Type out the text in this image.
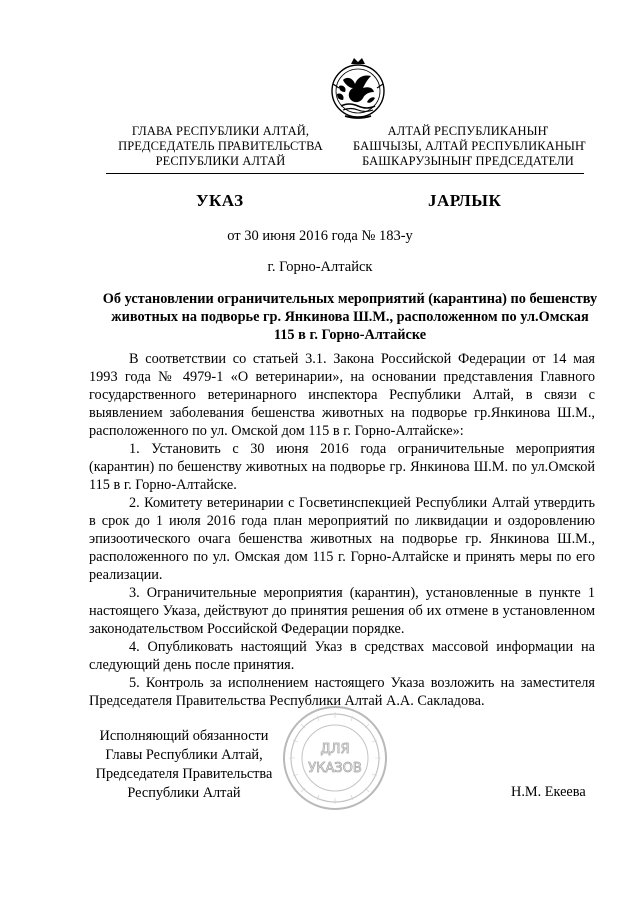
ГЛАВА РЕСПУБЛИКИ АЛТАЙ,
ПРЕДСЕДАТЕЛЬ ПРАВИТЕЛЬСТВА
РЕСПУБЛИКИ АЛТАЙ
АЛТАЙ РЕСПУБЛИКАНЫҤ
БАШЧЫЗЫ, АЛТАЙ РЕСПУБЛИКАНЫҤ
БАШКАРУЗЫНЫҤ ПРЕДСЕДАТЕЛИ
УКАЗ	JАРЛЫК
от 30 июня 2016 года № 183-у
г. Горно-Алтайск
Об установлении ограничительных мероприятий (карантина) по бешенству животных на подворье гр. Янкинова Ш.М., расположенном по ул.Омская 115 в г. Горно-Алтайске

В соответствии со статьей 3.1. Закона Российской Федерации от 14 мая 1993 года № 4979-1 «О ветеринарии», на основании представления Главного государственного ветеринарного инспектора Республики Алтай, в связи с выявлением заболевания бешенства животных на подворье гр.Янкинова Ш.М., расположенного по ул. Омской дом 115 в г. Горно-Алтайске»:

1. Установить с 30 июня 2016 года ограничительные мероприятия (карантин) по бешенству животных на подворье гр. Янкинова Ш.М. по ул.Омской 115 в г. Горно-Алтайске.

2. Комитету ветеринарии с Госветинспекцией Республики Алтай утвердить в срок до 1 июля 2016 года план мероприятий по ликвидации и оздоровлению эпизоотического очага бешенства животных на подворье гр. Янкинова Ш.М., расположенного по ул. Омская дом 115 г. Горно-Алтайске и принять меры по его реализации.

3. Ограничительные мероприятия (карантин), установленные в пункте 1 настоящего Указа, действуют до принятия решения об их отмене в установленном законодательством Российской Федерации порядке.

4. Опубликовать настоящий Указ в средствах массовой информации на следующий день после принятия.

5. Контроль за исполнением настоящего Указа возложить на заместителя Председателя Правительства Республики Алтай А.А. Сакладова.

ДЛЯ
УКАЗОВ
Исполняющий обязанности
Главы Республики Алтай,
Председателя Правительства
Республики Алтай	Н.М. Екеева
